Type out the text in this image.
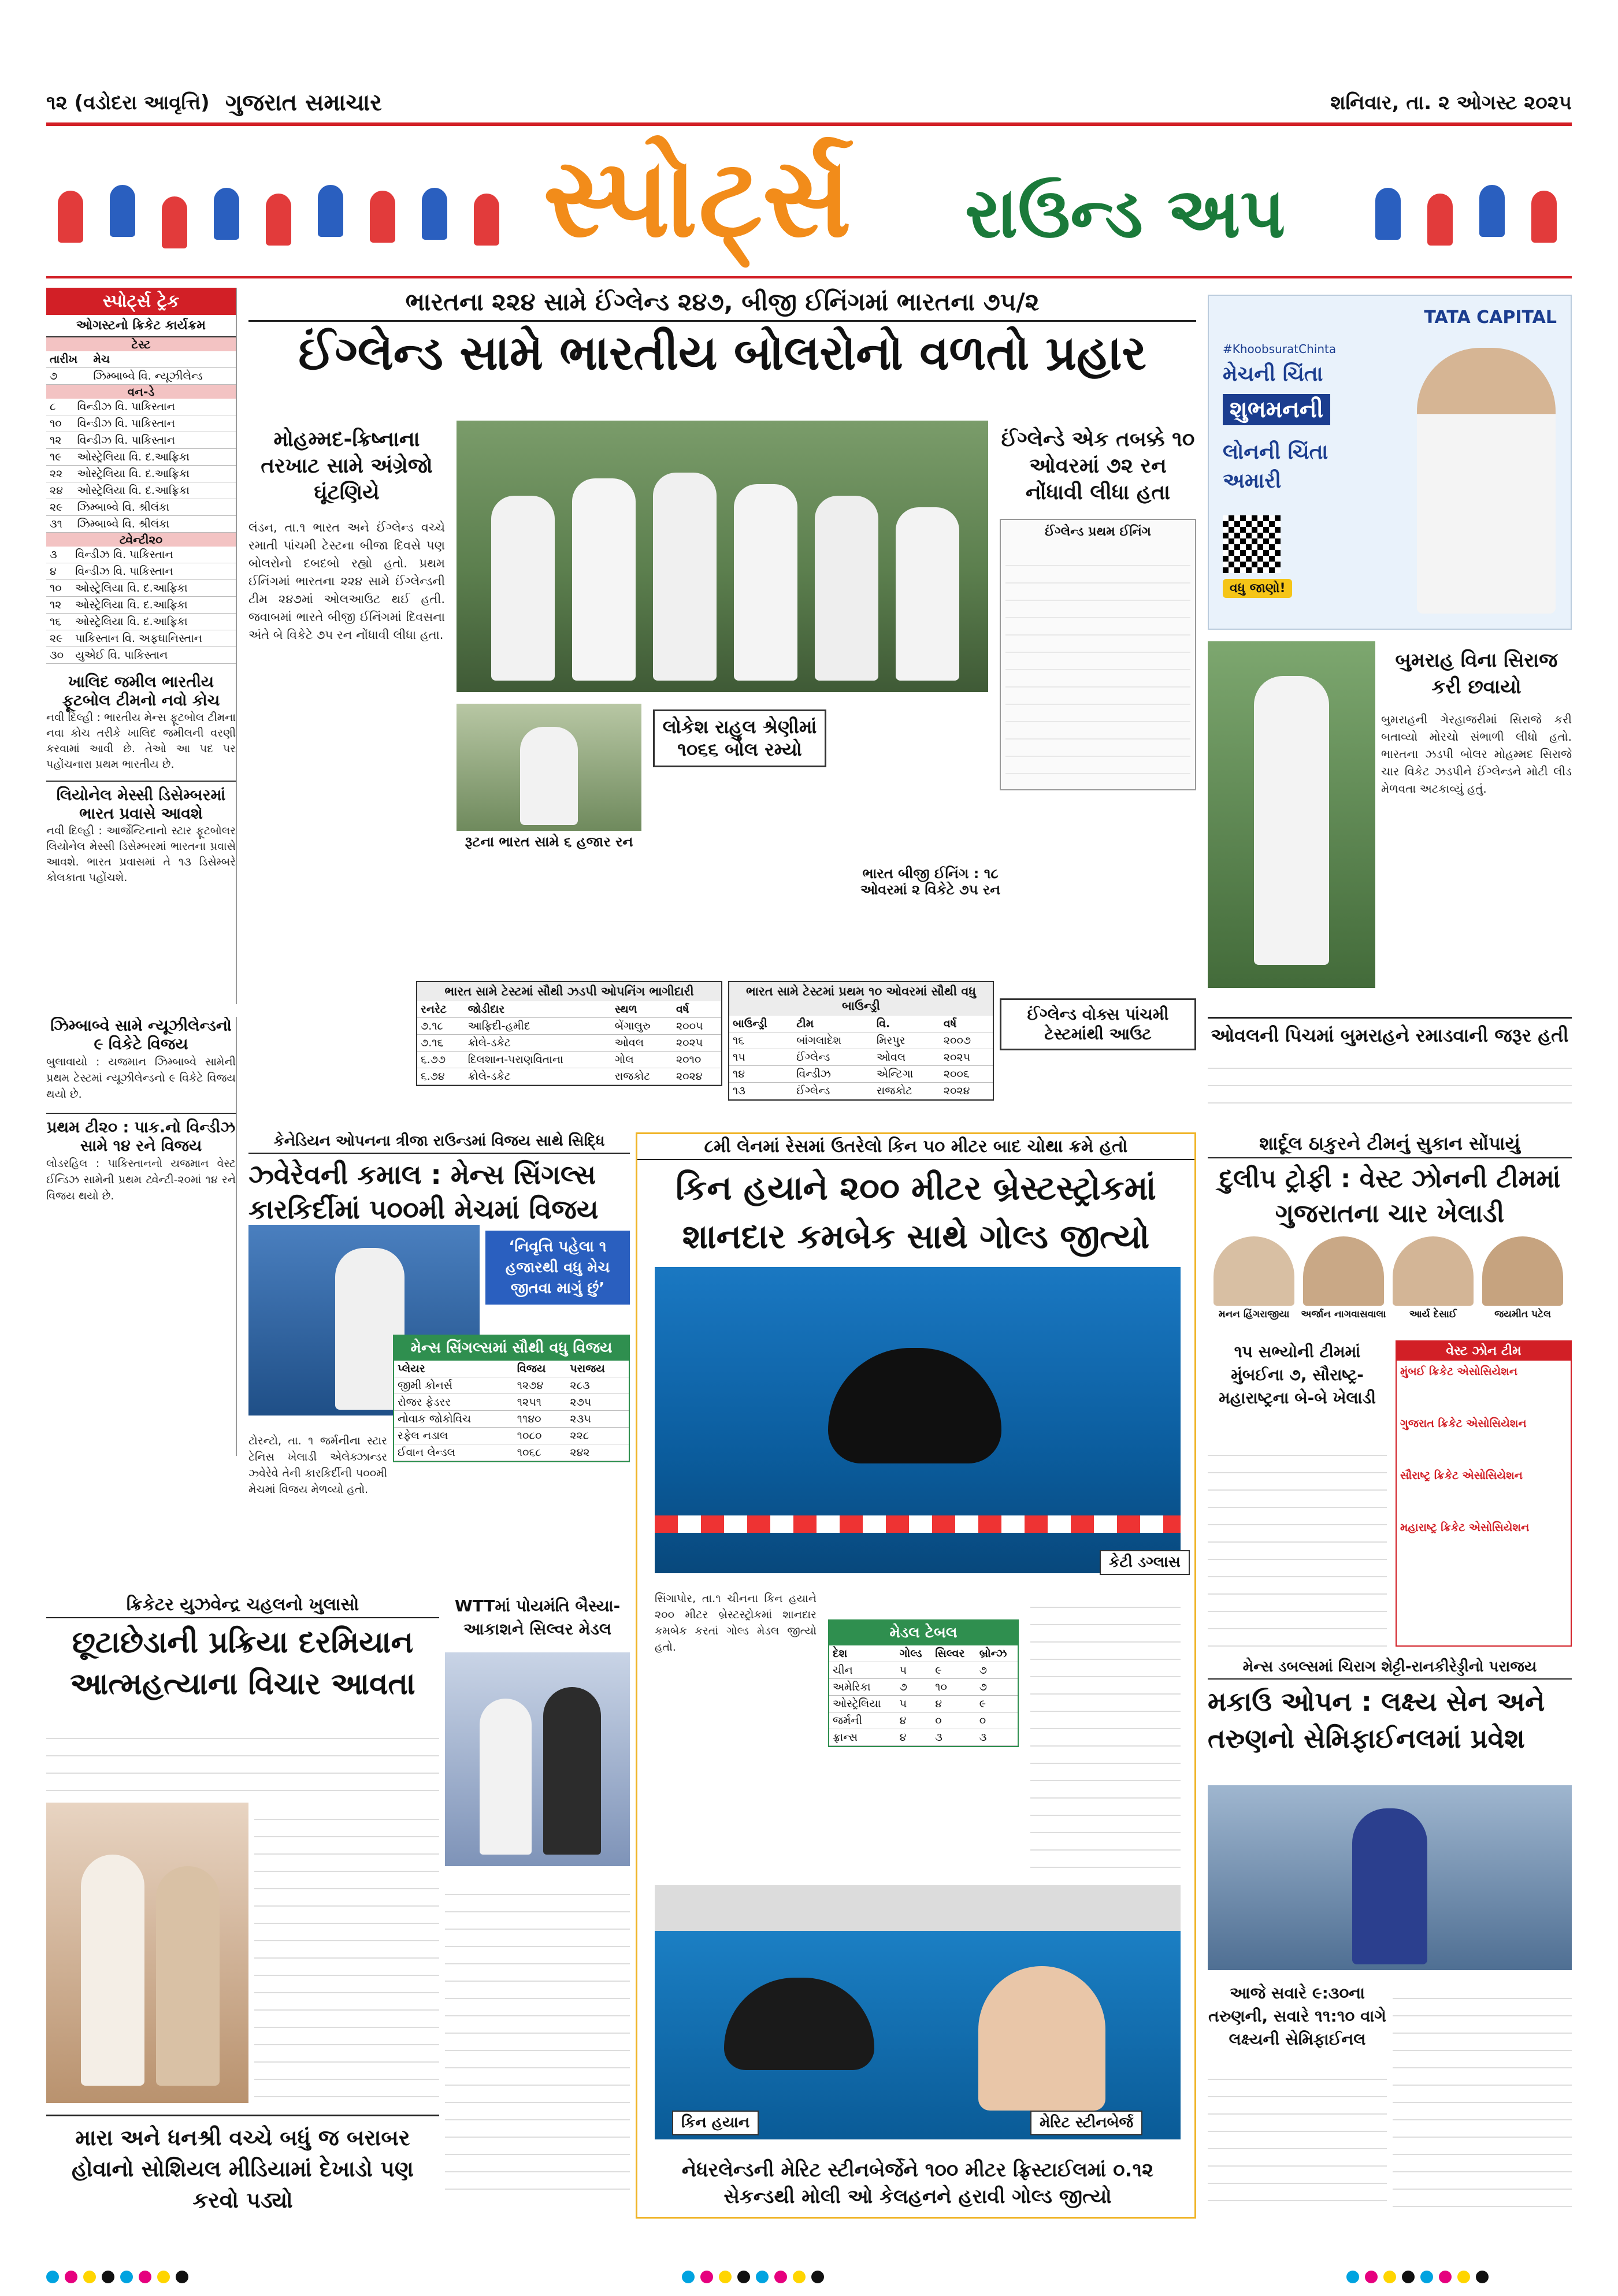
૧૨ (વડોદરા આવૃત્તિ) ગુજરાત સમાચાર	શનિવાર, તા. ૨ ઓગસ્ટ ૨૦૨૫
સ્પોર્ટ્સ રાઉન્ડ અપ
સ્પોર્ટ્સ ટ્રેક
ઓગસ્ટનો ક્રિકેટ કાર્યક્રમ
ટેસ્ટ
તારીખ	મેચ
૭	ઝિમ્બાબ્વે વિ. ન્યૂઝીલેન્ડ
વન-ડે
૮	વિન્ડીઝ વિ. પાકિસ્તાન
૧૦	વિન્ડીઝ વિ. પાકિસ્તાન
૧૨	વિન્ડીઝ વિ. પાકિસ્તાન
૧૯	ઓસ્ટ્રેલિયા વિ. દ.આફ્રિકા
૨૨	ઓસ્ટ્રેલિયા વિ. દ.આફ્રિકા
૨૪	ઓસ્ટ્રેલિયા વિ. દ.આફ્રિકા
૨૯	ઝિમ્બાબ્વે વિ. શ્રીલંકા
૩૧	ઝિમ્બાબ્વે વિ. શ્રીલંકા
ટ્વેન્ટી૨૦
૩	વિન્ડીઝ વિ. પાકિસ્તાન
૪	વિન્ડીઝ વિ. પાકિસ્તાન
૧૦	ઓસ્ટ્રેલિયા વિ. દ.આફ્રિકા
૧૨	ઓસ્ટ્રેલિયા વિ. દ.આફ્રિકા
૧૬	ઓસ્ટ્રેલિયા વિ. દ.આફ્રિકા
૨૯	પાકિસ્તાન વિ. અફઘાનિસ્તાન
૩૦	યુએઈ વિ. પાકિસ્તાન
ખાલિદ જમીલ ભારતીય ફૂટબોલ ટીમનો નવો કોચ
નવી દિલ્હી : ભારતીય મેન્સ ફૂટબોલ ટીમના નવા કોચ તરીકે ખાલિદ જમીલની વરણી કરવામાં આવી છે. તેઓ આ પદ પર પહોંચનારા પ્રથમ ભારતીય છે.
લિયોનેલ મેસ્સી ડિસેમ્બરમાં ભારત પ્રવાસે આવશે
નવી દિલ્હી : આર્જેન્ટિનાનો સ્ટાર ફૂટબોલર લિયોનેલ મેસ્સી ડિસેમ્બરમાં ભારતના પ્રવાસે આવશે. ભારત પ્રવાસમાં તે ૧૩ ડિસેમ્બરે કોલકાતા પહોંચશે.
ઝિમ્બાબ્વે સામે ન્યૂઝીલેન્ડનો ૯ વિકેટે વિજય
બુલાવાયો : યજમાન ઝિમ્બાબ્વે સામેની પ્રથમ ટેસ્ટમાં ન્યૂઝીલેન્ડનો ૯ વિકેટે વિજય થયો છે.
પ્રથમ ટી૨૦ : પાક.નો વિન્ડીઝ સામે ૧૪ રને વિજય
લોડરહિલ : પાકિસ્તાનનો યજમાન વેસ્ટ ઈન્ડિઝ સામેની પ્રથમ ટ્વેન્ટી-૨૦માં ૧૪ રને વિજય થયો છે.
ભારતના ૨૨૪ સામે ઈંગ્લેન્ડ ૨૪૭, બીજી ઈનિંગમાં ભારતના ૭૫/૨
ઈંગ્લેન્ડ સામે ભારતીય બોલરોનો વળતો પ્રહાર
મોહમ્મદ-ક્રિષ્નાના તરખાટ સામે અંગ્રેજો ઘૂંટણિયે
લંડન, તા.૧ ભારત અને ઈંગ્લેન્ડ વચ્ચે રમાતી પાંચમી ટેસ્ટના બીજા દિવસે પણ બોલરોનો દબદબો રહ્યો હતો. પ્રથમ ઈનિંગમાં ભારતના ૨૨૪ સામે ઈંગ્લેન્ડની ટીમ ૨૪૭માં ઓલઆઉટ થઈ હતી. જવાબમાં ભારતે બીજી ઈનિંગમાં દિવસના અંતે બે વિકેટે ૭૫ રન નોંધાવી લીધા હતા.
ઈંગ્લેન્ડે એક તબક્કે ૧૦ ઓવરમાં ૭૨ રન નોંધાવી લીધા હતા
ઈંગ્લેન્ડ પ્રથમ ઈનિંગ
રૂટના ભારત સામે ૬ હજાર રન
લોકેશ રાહુલ શ્રેણીમાં ૧૦૬૬ બોલ રમ્યો
ભારત બીજી ઈનિંગ : ૧૮ ઓવરમાં ૨ વિકેટે ૭૫ રન
ઈંગ્લેન્ડ વોક્સ પાંચમી ટેસ્ટમાંથી આઉટ
ભારત સામે ટેસ્ટમાં સૌથી ઝડપી ઓપનિંગ ભાગીદારી
રનરેટ	જોડીદાર	સ્થળ	વર્ષ
૭.૧૮	આફ્રિદી-હમીદ	બેંગાલુરુ	૨૦૦૫
૭.૧૬	ક્રોલે-ડકેટ	ઓવલ	૨૦૨૫
૬.૭૭	દિલશાન-પરાણવિતાના	ગોલ	૨૦૧૦
૬.૭૪	ક્રોલે-ડકેટ	રાજકોટ	૨૦૨૪
ભારત સામે ટેસ્ટમાં પ્રથમ ૧૦ ઓવરમાં સૌથી વધુ બાઉન્ડ્રી
બાઉન્ડ્રી	ટીમ	વિ.	વર્ષ
૧૬	બાંગલાદેશ	મિરપુર	૨૦૦૭
૧૫	ઈંગ્લેન્ડ	ઓવલ	૨૦૨૫
૧૪	વિન્ડીઝ	એન્ટિગા	૨૦૦૬
૧૩	ઈંગ્લેન્ડ	રાજકોટ	૨૦૨૪
TATA CAPITAL
#KhoobsuratChinta
મેચની ચિંતા
શુભમનની
લોનની ચિંતા
અમારી
વધુ જાણો!
બુમરાહ વિના સિરાજ કરી છવાયો
બુમરાહની ગેરહાજરીમાં સિરાજે કરી બતાવ્યો મોરચો સંભાળી લીધો હતો. ભારતના ઝડપી બોલર મોહમ્મદ સિરાજે ચાર વિકેટ ઝડપીને ઈંગ્લેન્ડને મોટી લીડ મેળવતા અટકાવ્યું હતું.
ઓવલની પિચમાં બુમરાહને રમાડવાની જરૂર હતી
કેનેડિયન ઓપનના ત્રીજા રાઉન્ડમાં વિજય સાથે સિદ્ધિ
ઝ્વેરેવની કમાલ : મેન્સ સિંગલ્સ કારકિર્દીમાં ૫૦૦મી મેચમાં વિજય
‘નિવૃત્તિ પહેલા ૧ હજારથી વધુ મેચ જીતવા માગું છું’
મેન્સ સિંગલ્સમાં સૌથી વધુ વિજય
પ્લેયર	વિજય	પરાજય
જીમી કોનર્સ	૧૨૭૪	૨૮૩
રોજર ફેડરર	૧૨૫૧	૨૭૫
નોવાક જોકોવિચ	૧૧૪૦	૨૩૫
રફેલ નડાલ	૧૦૮૦	૨૨૮
ઈવાન લેન્ડલ	૧૦૬૮	૨૪૨
ટોરન્ટો, તા. ૧ જર્મનીના સ્ટાર ટેનિસ ખેલાડી એલેક્ઝાન્ડર ઝ્વેરેવે તેની કારકિર્દીની ૫૦૦મી મેચમાં વિજય મેળવ્યો હતો.
૮મી લેનમાં રેસમાં ઉતરેલો કિન ૫૦ મીટર બાદ ચોથા ક્રમે હતો
કિન હયાને ૨૦૦ મીટર બ્રેસ્ટસ્ટ્રોકમાં શાનદાર કમબેક સાથે ગોલ્ડ જીત્યો
કેટી ડગ્લાસ
સિંગાપોર, તા.૧ ચીનના કિન હયાને ૨૦૦ મીટર બ્રેસ્ટસ્ટ્રોકમાં શાનદાર કમબેક કરતાં ગોલ્ડ મેડલ જીત્યો હતો.
મેડલ ટેબલ
દેશ	ગોલ્ડ	સિલ્વર	બ્રોન્ઝ
ચીન	૫	૯	૭
અમેરિકા	૭	૧૦	૭
ઓસ્ટ્રેલિયા	૫	૪	૯
જર્મની	૪	૦	૦
ફ્રાન્સ	૪	૩	૩
કિન હયાન	મેરિટ સ્ટીનબેર્જ
નેધરલેન્ડની મેરિટ સ્ટીનબેર્જેને ૧૦૦ મીટર ફ્રિસ્ટાઈલમાં ૦.૧૨ સેકન્ડથી મોલી ઓ કેલહનને હરાવી ગોલ્ડ જીત્યો
શાર્દૂલ ઠાકુરને ટીમનું સુકાન સોંપાયું
દુલીપ ટ્રોફી : વેસ્ટ ઝોનની ટીમમાં ગુજરાતના ચાર ખેલાડી
મનન હિંગરાજીયા	અર્જાન નાગવાસવાલા	આર્ય દેસાઈ	જયમીત પટેલ
૧૫ સભ્યોની ટીમમાં મુંબઈના ૭, સૌરાષ્ટ્ર-મહારાષ્ટ્રના બે-બે ખેલાડી
વેસ્ટ ઝોન ટીમ
મુંબઈ ક્રિકેટ એસોસિયેશન
ગુજરાત ક્રિકેટ એસોસિયેશન
સૌરાષ્ટ્ર ક્રિકેટ એસોસિયેશન
મહારાષ્ટ્ર ક્રિકેટ એસોસિયેશન
ક્રિકેટર યુઝવેન્દ્ર ચહલનો ખુલાસો
છૂટાછેડાની પ્રક્રિયા દરમિયાન આત્મહત્યાના વિચાર આવતા
મારા અને ધનશ્રી વચ્ચે બધું જ બરાબર હોવાનો સોશિયલ મીડિયામાં દેખાડો પણ કરવો પડ્યો
WTTમાં પોયમંતિ બૈસ્યા-આકાશને સિલ્વર મેડલ
મેન્સ ડબલ્સમાં ચિરાગ શેટ્ટી-રાનકીરેડ્ડીનો પરાજય
મકાઉ ઓપન : લક્ષ્ય સેન અને તરુણનો સેમિફાઈનલમાં પ્રવેશ
આજે સવારે ૯:૩૦ના તરુણની, સવારે ૧૧:૧૦ વાગે લક્ષ્યની સેમિફાઈનલ
